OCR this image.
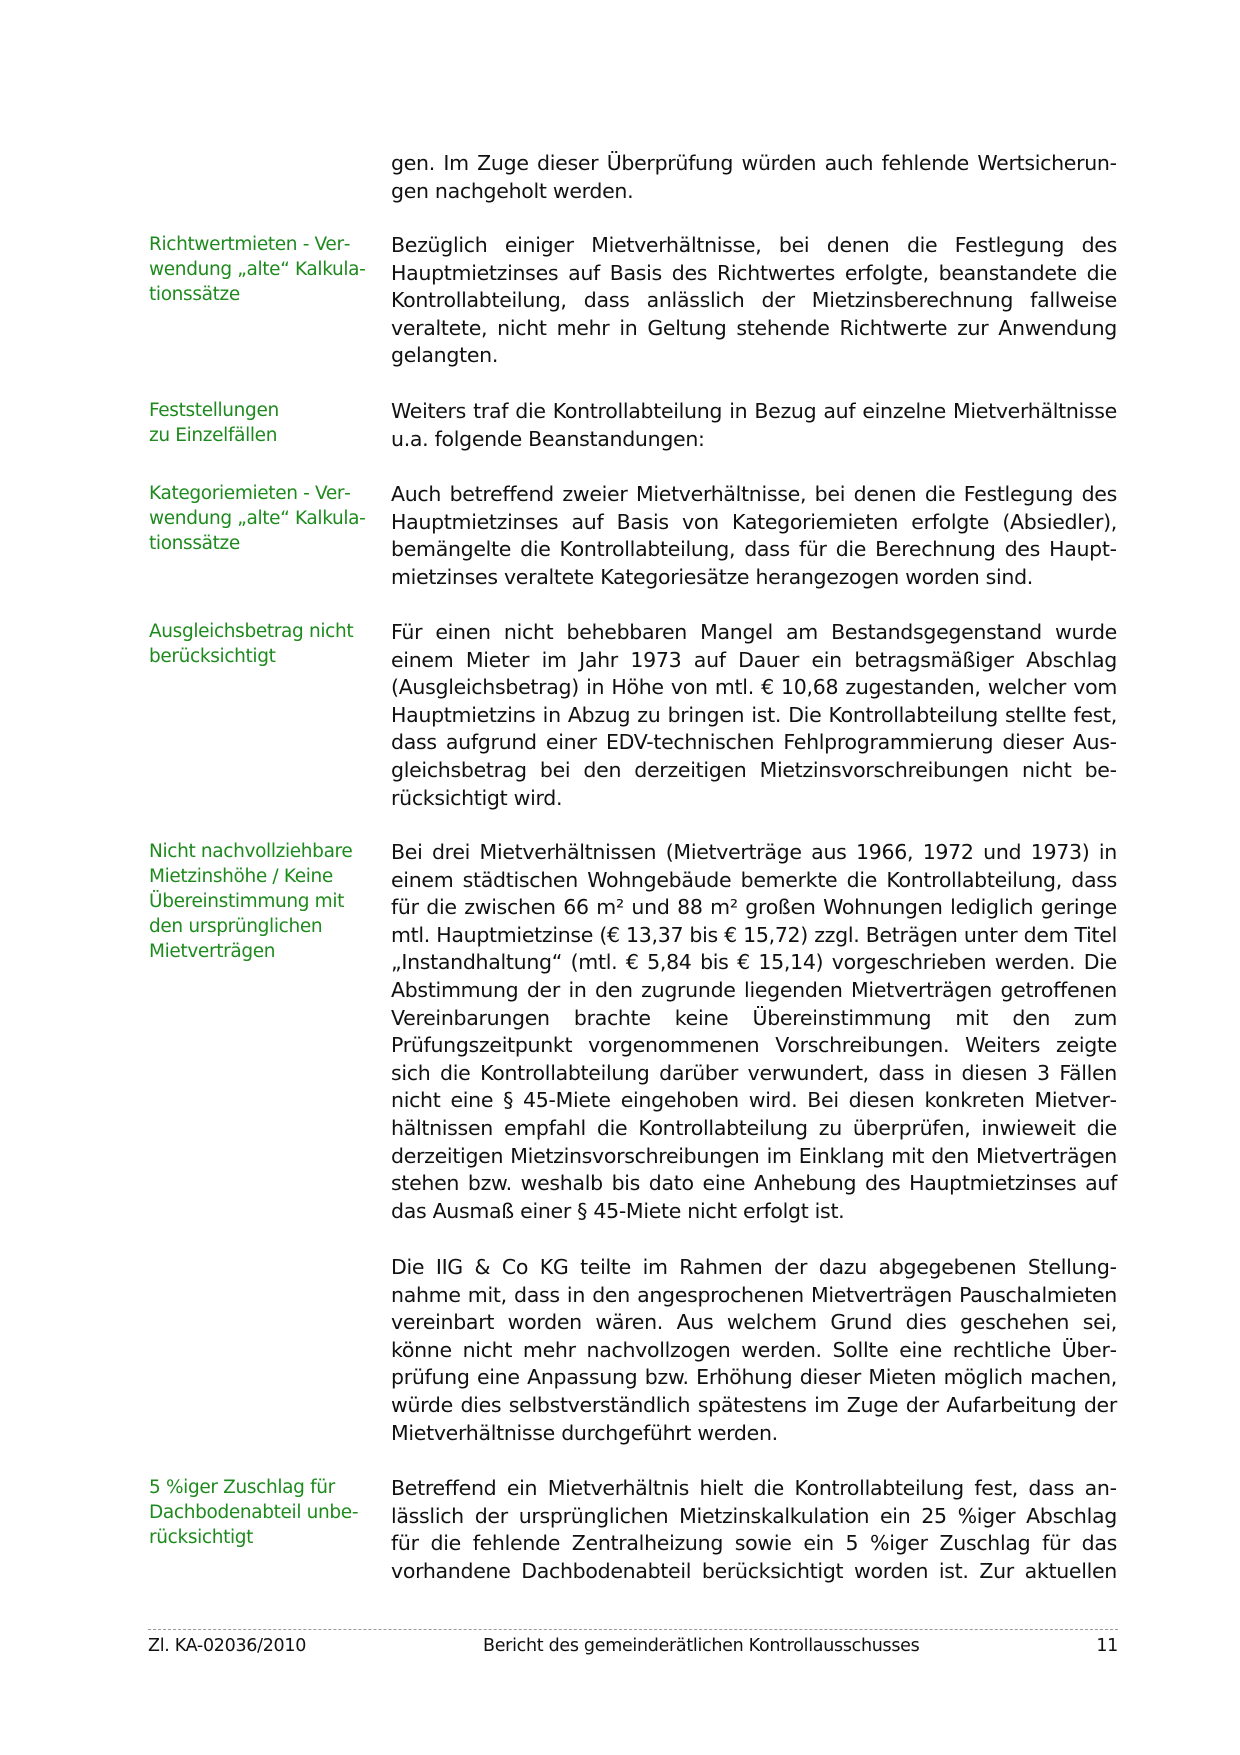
gen. Im Zuge dieser Überprüfung würden auch fehlende Wertsicherungen nachgeholt werden.

Richtwertmieten - Verwendung „alte“ Kalkulationssätze

Bezüglich einiger Mietverhältnisse, bei denen die Festlegung des Hauptmietzinses auf Basis des Richtwertes erfolgte, beanstandete die Kontrollabteilung, dass anlässlich der Mietzinsberechnung fallweise veraltete, nicht mehr in Geltung stehende Richtwerte zur Anwendung gelangten.

Feststellungen zu Einzelfällen

Weiters traf die Kontrollabteilung in Bezug auf einzelne Mietverhältnisse u.a. folgende Beanstandungen:

Kategoriemieten - Verwendung „alte“ Kalkulationssätze

Auch betreffend zweier Mietverhältnisse, bei denen die Festlegung des Hauptmietzinses auf Basis von Kategoriemieten erfolgte (Absiedler), bemängelte die Kontrollabteilung, dass für die Berechnung des Hauptmietzinses veraltete Kategoriesätze herangezogen worden sind.

Ausgleichsbetrag nicht berücksichtigt

Für einen nicht behebbaren Mangel am Bestandsgegenstand wurde einem Mieter im Jahr 1973 auf Dauer ein betragsmäßiger Abschlag (Ausgleichsbetrag) in Höhe von mtl. € 10,68 zugestanden, welcher vom Hauptmietzins in Abzug zu bringen ist. Die Kontrollabteilung stellte fest, dass aufgrund einer EDV-technischen Fehlprogrammierung dieser Ausgleichsbetrag bei den derzeitigen Mietzinsvorschreibungen nicht berücksichtigt wird.

Nicht nachvollziehbare Mietzinshöhe / Keine Übereinstimmung mit den ursprünglichen Mietverträgen

Bei drei Mietverhältnissen (Mietverträge aus 1966, 1972 und 1973) in einem städtischen Wohngebäude bemerkte die Kontrollabteilung, dass für die zwischen 66 m² und 88 m² großen Wohnungen lediglich geringe mtl. Hauptmietzinse (€ 13,37 bis € 15,72) zzgl. Beträgen unter dem Titel „Instandhaltung“ (mtl. € 5,84 bis € 15,14) vorgeschrieben werden. Die Abstimmung der in den zugrunde liegenden Mietverträgen getroffenen Vereinbarungen brachte keine Übereinstimmung mit den zum Prüfungszeitpunkt vorgenommenen Vorschreibungen. Weiters zeigte sich die Kontrollabteilung darüber verwundert, dass in diesen 3 Fällen nicht eine § 45-Miete eingehoben wird. Bei diesen konkreten Mietverhältnissen empfahl die Kontrollabteilung zu überprüfen, inwieweit die derzeitigen Mietzinsvorschreibungen im Einklang mit den Mietverträgen stehen bzw. weshalb bis dato eine Anhebung des Hauptmietzinses auf das Ausmaß einer § 45-Miete nicht erfolgt ist.

Die IIG & Co KG teilte im Rahmen der dazu abgegebenen Stellungnahme mit, dass in den angesprochenen Mietverträgen Pauschalmieten vereinbart worden wären. Aus welchem Grund dies geschehen sei, könne nicht mehr nachvollzogen werden. Sollte eine rechtliche Überprüfung eine Anpassung bzw. Erhöhung dieser Mieten möglich machen, würde dies selbstverständlich spätestens im Zuge der Aufarbeitung der Mietverhältnisse durchgeführt werden.

5 %iger Zuschlag für Dachbodenabteil unberücksichtigt

Betreffend ein Mietverhältnis hielt die Kontrollabteilung fest, dass anlässlich der ursprünglichen Mietzinskalkulation ein 25 %iger Abschlag für die fehlende Zentralheizung sowie ein 5 %iger Zuschlag für das vorhandene Dachbodenabteil berücksichtigt worden ist. Zur aktuellen

Zl. KA-02036/2010	Bericht des gemeinderätlichen Kontrollausschusses	11
